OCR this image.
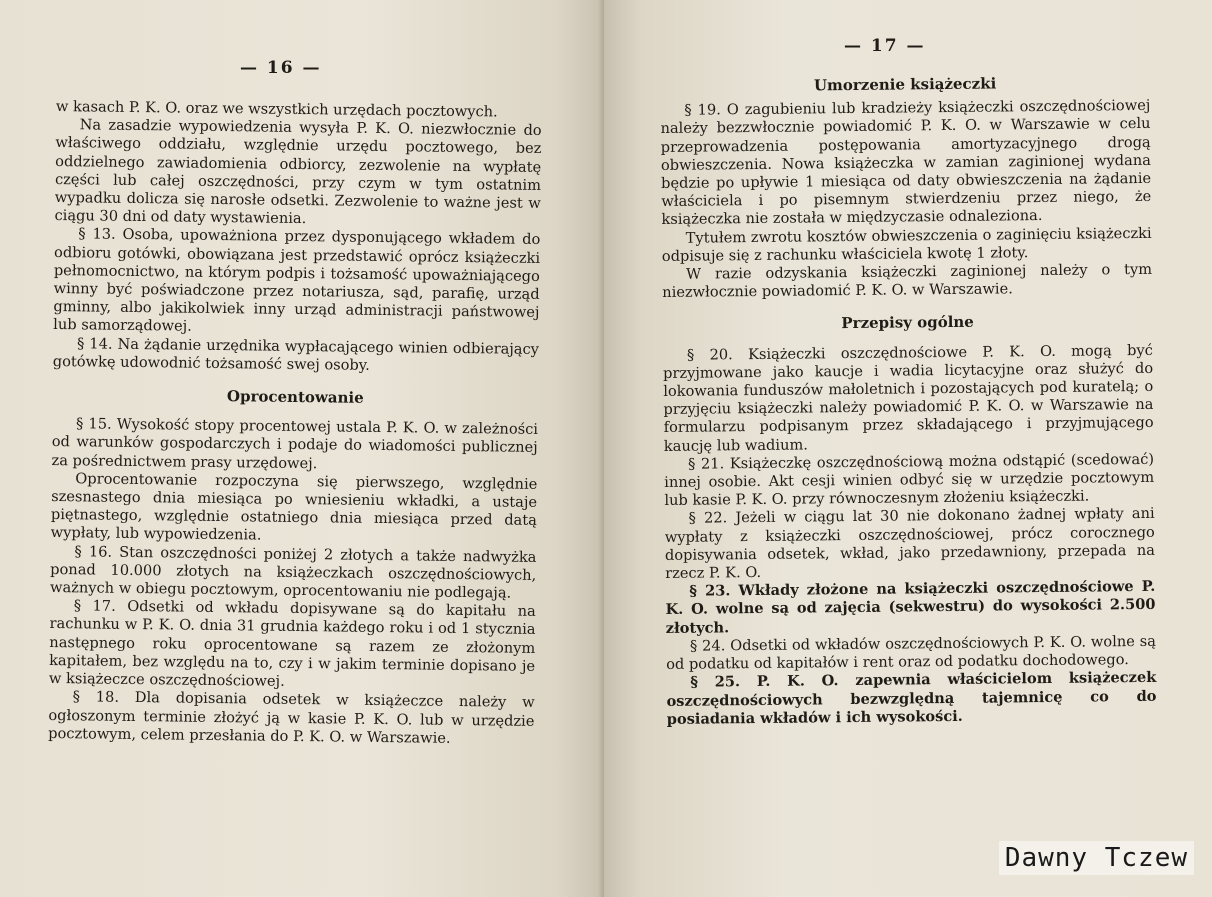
— 16 —

w kasach P. K. O. oraz we wszystkich urzędach pocztowych.

Na zasadzie wypowiedzenia wysyła P. K. O. niezwłocznie do właściwego oddziału, względnie urzędu pocztowego, bez oddzielnego zawiadomienia odbiorcy, zezwolenie na wypłatę części lub całej oszczędności, przy czym w tym ostatnim wypadku dolicza się narosłe odsetki. Zezwolenie to ważne jest w ciągu 30 dni od daty wystawienia.

§ 13. Osoba, upoważniona przez dysponującego wkładem do odbioru gotówki, obowiązana jest przedstawić oprócz książeczki pełnomocnictwo, na którym podpis i tożsamość upoważniającego winny być poświadczone przez notariusza, sąd, parafię, urząd gminny, albo jakikolwiek inny urząd administracji państwowej lub samorządowej.

§ 14. Na żądanie urzędnika wypłacającego winien odbierający gotówkę udowodnić tożsamość swej osoby.

Oprocentowanie

§ 15. Wysokość stopy procentowej ustala P. K. O. w zależności od warunków gospodarczych i podaje do wiadomości publicznej za pośrednictwem prasy urzędowej.

Oprocentowanie rozpoczyna się pierwszego, względnie szesnastego dnia miesiąca po wniesieniu wkładki, a ustaje piętnastego, względnie ostatniego dnia miesiąca przed datą wypłaty, lub wypowiedzenia.

§ 16. Stan oszczędności poniżej 2 złotych a także nadwyżka ponad 10.000 złotych na książeczkach oszczędnościowych, ważnych w obiegu pocztowym, oprocentowaniu nie podlegają.

§ 17. Odsetki od wkładu dopisywane są do kapitału na rachunku w P. K. O. dnia 31 grudnia każdego roku i od 1 stycznia następnego roku oprocentowane są razem ze złożonym kapitałem, bez względu na to, czy i w jakim terminie dopisano je w książeczce oszczędnościowej.

§ 18. Dla dopisania odsetek w książeczce należy w ogłoszonym terminie złożyć ją w kasie P. K. O. lub w urzędzie pocztowym, celem przesłania do P. K. O. w Warszawie.

— 17 —
Umorzenie książeczki

§ 19. O zagubieniu lub kradzieży książeczki oszczędnościowej należy bezzwłocznie powiadomić P. K. O. w Warszawie w celu przeprowadzenia postępowania amortyzacyjnego drogą obwieszczenia. Nowa książeczka w zamian zaginionej wydana będzie po upływie 1 miesiąca od daty obwieszczenia na żądanie właściciela i po pisemnym stwierdzeniu przez niego, że książeczka nie została w międzyczasie odnaleziona.

Tytułem zwrotu kosztów obwieszczenia o zaginięciu książeczki odpisuje się z rachunku właściciela kwotę 1 złoty.

W razie odzyskania książeczki zaginionej należy o tym niezwłocznie powiadomić P. K. O. w Warszawie.

Przepisy ogólne

§ 20. Książeczki oszczędnościowe P. K. O. mogą być przyjmowane jako kaucje i wadia licytacyjne oraz służyć do lokowania funduszów małoletnich i pozostających pod kuratelą; o przyjęciu książeczki należy powiadomić P. K. O. w Warszawie na formularzu podpisanym przez składającego i przyjmującego kaucję lub wadium.

§ 21. Książeczkę oszczędnościową można odstąpić (scedować) innej osobie. Akt cesji winien odbyć się w urzędzie pocztowym lub kasie P. K. O. przy równoczesnym złożeniu książeczki.

§ 22. Jeżeli w ciągu lat 30 nie dokonano żadnej wpłaty ani wypłaty z książeczki oszczędnościowej, prócz corocznego dopisywania odsetek, wkład, jako przedawniony, przepada na rzecz P. K. O.

§ 23. Wkłady złożone na książeczki oszczędnościowe P. K. O. wolne są od zajęcia (sekwestru) do wysokości 2.500 złotych.

§ 24. Odsetki od wkładów oszczędnościowych P. K. O. wolne są od podatku od kapitałów i rent oraz od podatku dochodowego.

§ 25. P. K. O. zapewnia właścicielom książeczek oszczędnościowych bezwzględną tajemnicę co do posiadania wkładów i ich wysokości.

Dawny Tczew
